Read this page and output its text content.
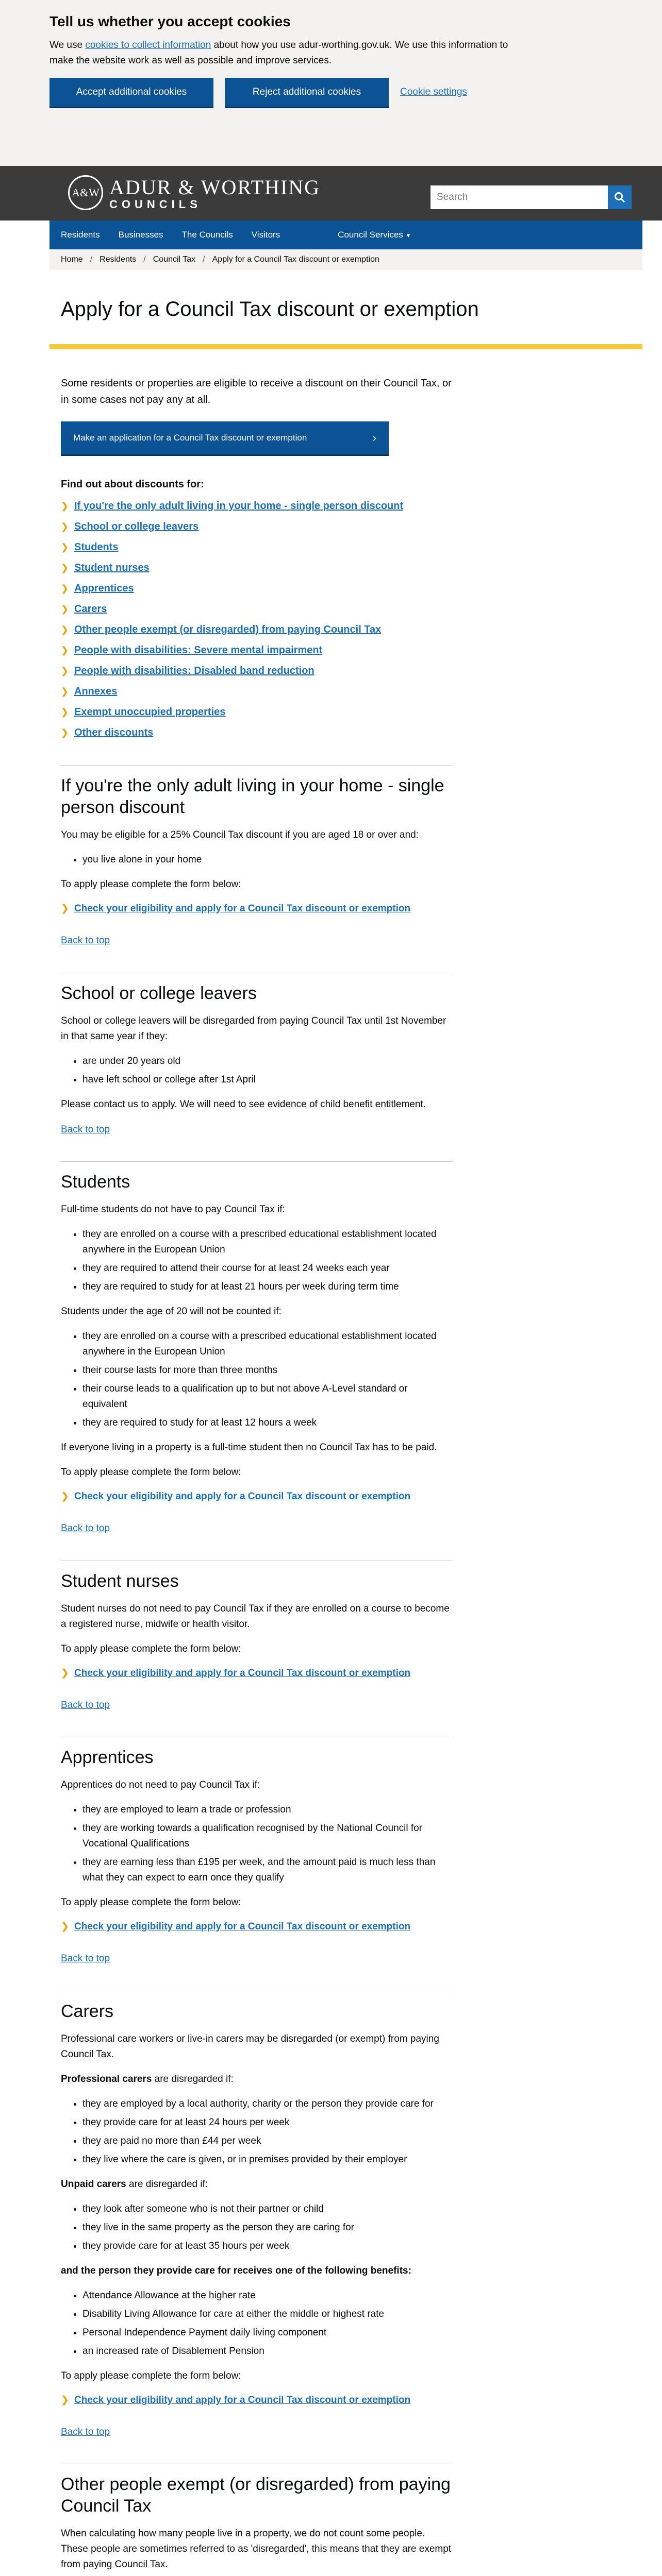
Tell us whether you accept cookies
We use cookies to collect information about how you use adur-worthing.gov.uk. We use this information to make the website work as well as possible and improve services.
Accept additional cookies	Reject additional cookies	Cookie settings
A&W ADUR & WORTHING
COUNCILS
Search
Residents Businesses The Councils Visitors	Council Services ▼
Home / Residents / Council Tax / Apply for a Council Tax discount or exemption
Apply for a Council Tax discount or exemption

Some residents or properties are eligible to receive a discount on their Council Tax, or in some cases not pay any at all.

Make an application for a Council Tax discount or exemption	›
Find out about discounts for:
❯ If you're the only adult living in your home - single person discount
❯ School or college leavers
❯ Students
❯ Student nurses
❯ Apprentices
❯ Carers
❯ Other people exempt (or disregarded) from paying Council Tax
❯ People with disabilities: Severe mental impairment
❯ People with disabilities: Disabled band reduction
❯ Annexes
❯ Exempt unoccupied properties
❯ Other discounts
If you're the only adult living in your home - single person discount

You may be eligible for a 25% Council Tax discount if you are aged 18 or over and:

• you live alone in your home

To apply please complete the form below:

❯ Check your eligibility and apply for a Council Tax discount or exemption
Back to top
School or college leavers

School or college leavers will be disregarded from paying Council Tax until 1st November in that same year if they:

• are under 20 years old
• have left school or college after 1st April

Please contact us to apply. We will need to see evidence of child benefit entitlement.

Back to top
Students

Full-time students do not have to pay Council Tax if:

• they are enrolled on a course with a prescribed educational establishment located anywhere in the European Union
• they are required to attend their course for at least 24 weeks each year
• they are required to study for at least 21 hours per week during term time

Students under the age of 20 will not be counted if:

• they are enrolled on a course with a prescribed educational establishment located anywhere in the European Union
• their course lasts for more than three months
• their course leads to a qualification up to but not above A-Level standard or equivalent
• they are required to study for at least 12 hours a week

If everyone living in a property is a full-time student then no Council Tax has to be paid.

To apply please complete the form below:

❯ Check your eligibility and apply for a Council Tax discount or exemption
Back to top
Student nurses

Student nurses do not need to pay Council Tax if they are enrolled on a course to become a registered nurse, midwife or health visitor.

To apply please complete the form below:

❯ Check your eligibility and apply for a Council Tax discount or exemption
Back to top
Apprentices

Apprentices do not need to pay Council Tax if:

• they are employed to learn a trade or profession
• they are working towards a qualification recognised by the National Council for Vocational Qualifications
• they are earning less than £195 per week, and the amount paid is much less than what they can expect to earn once they qualify

To apply please complete the form below:

❯ Check your eligibility and apply for a Council Tax discount or exemption
Back to top
Carers

Professional care workers or live-in carers may be disregarded (or exempt) from paying Council Tax.

Professional carers are disregarded if:

• they are employed by a local authority, charity or the person they provide care for
• they provide care for at least 24 hours per week
• they are paid no more than £44 per week
• they live where the care is given, or in premises provided by their employer

Unpaid carers are disregarded if:

• they look after someone who is not their partner or child
• they live in the same property as the person they are caring for
• they provide care for at least 35 hours per week

and the person they provide care for receives one of the following benefits:

• Attendance Allowance at the higher rate
• Disability Living Allowance for care at either the middle or highest rate
• Personal Independence Payment daily living component
• an increased rate of Disablement Pension

To apply please complete the form below:

❯ Check your eligibility and apply for a Council Tax discount or exemption
Back to top
Other people exempt (or disregarded) from paying Council Tax

When calculating how many people live in a property, we do not count some people. These people are sometimes referred to as 'disregarded', this means that they are exempt from paying Council Tax.
